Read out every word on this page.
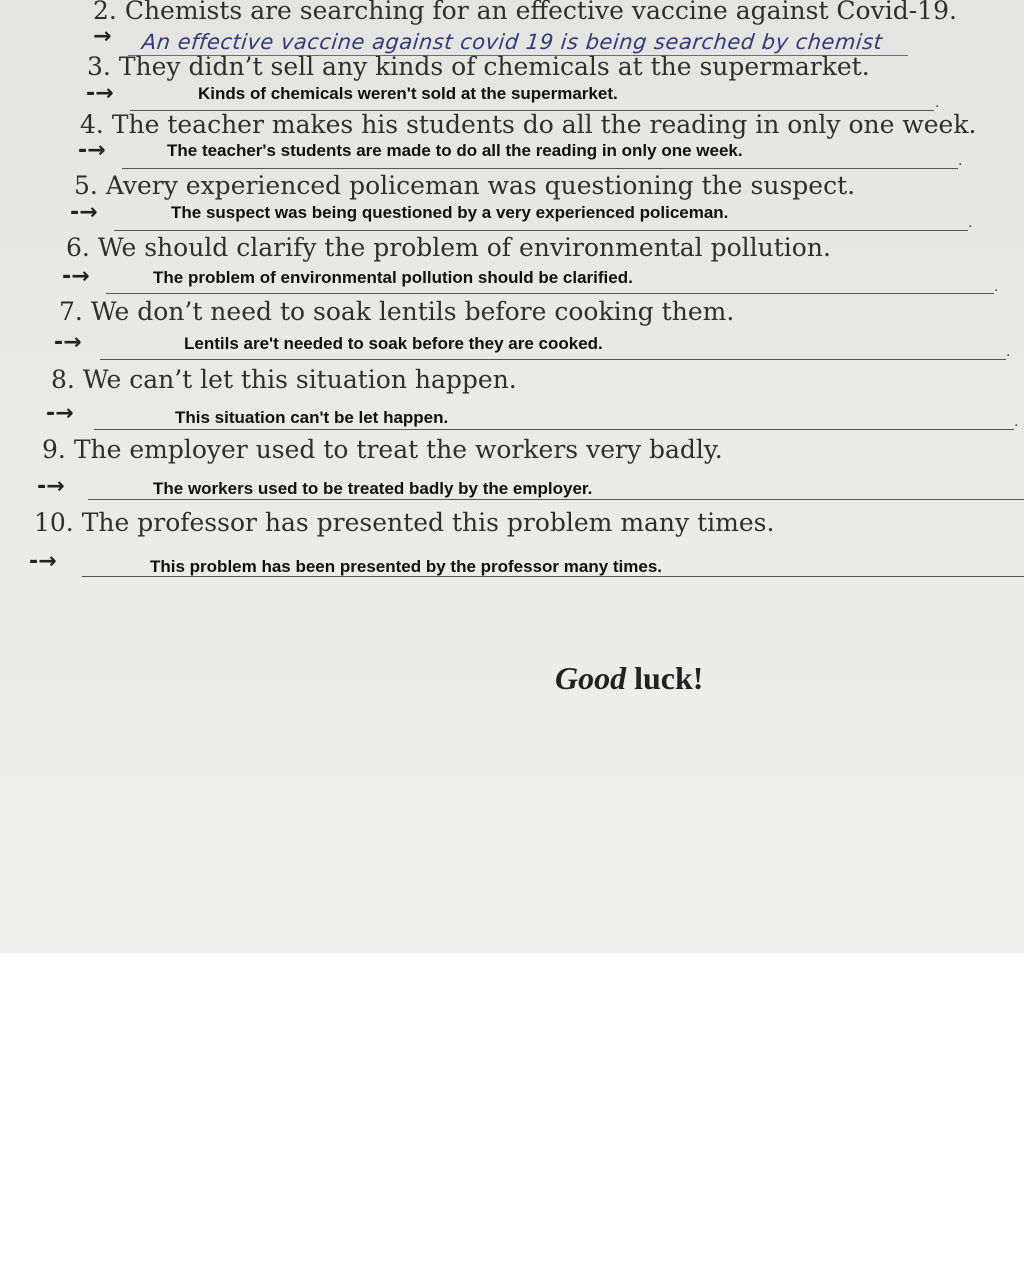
2. Chemists are searching for an effective vaccine against Covid-19.
→ An effective vaccine against covid 19 is being searched by chemist
3. They didn’t sell any kinds of chemicals at the supermarket.
-→	Kinds of chemicals weren't sold at the supermarket.	.
4. The teacher makes his students do all the reading in only one week.
-→	The teacher's students are made to do all the reading in only one week.
.
5. Avery experienced policeman was questioning the suspect.
-→	The suspect was being questioned by a very experienced policeman.
.
6. We should clarify the problem of environmental pollution.
-→	The problem of environmental pollution should be clarified.	.
7. We don’t need to soak lentils before cooking them.
-→	Lentils are't needed to soak before they are cooked.	.
8. We can’t let this situation happen.
-→	This situation can't be let happen.	.
9. The employer used to treat the workers very badly.
-→	The workers used to be treated badly by the employer.
10. The professor has presented this problem many times.
-→	This problem has been presented by the professor many times.
Good luck!
